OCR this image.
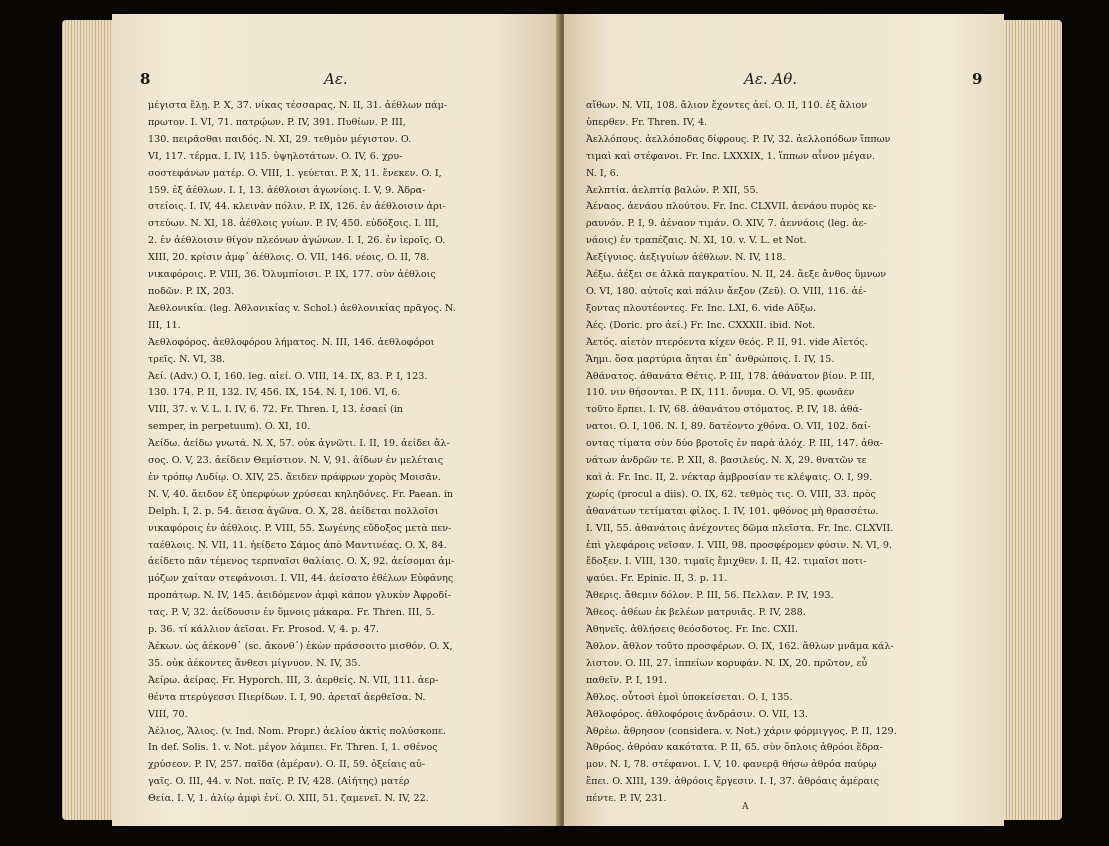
8	Αε.

μέγιστα ἔλῃ. P. X, 37. νίκας τέσσαρας. N. II, 31. ἀέθλων πάμ-

πρωτον. I. VI, 71. πατρῴων. P. IV, 391. Πυθίων. P. III,

130. πειρᾶσθαι παιδός. N. XI, 29. τεθμὸν μέγιστον. O.

VI, 117. τέρμα. I. IV, 115. ὑψηλοτάτων. O. IV, 6. χρυ-

σοστεφάνων ματέρ. O. VIII, 1. γεύεται. P. X, 11. ἕνεκεν. O. I,

159. ἐξ ἀέθλων. I. I, 13. ἀέθλοισι ἀγωνίοις. I. V, 9. Ἀδρα-

στείοις. I. IV, 44. κλεινὰν πόλιν. P. IX, 126. ἐν ἀέθλοισιν ἀρι-

στεύων. N. XI, 18. ἀέθλοις γυίων. P. IV, 450. εὐδόξοις. I. III,

2. ἐν ἀέθλοισιν θίγον πλεόνων ἀγώνων. I. I, 26. ἐν ἱεροῖς. O.

XIII, 20. κρίσιν ἀμφ᾽ ἀέθλοις. O. VII, 146. νέοις. O. II, 78.

νικαφόροις. P. VIII, 36. Ὀλυμπίοισι. P. IX, 177. σὺν ἀέθλοις

ποδῶν. P. IX, 203.

Ἀεθλονικία. (leg. Ἀθλονικίας v. Schol.) ἀεθλονικίας πρᾶγος. N.

III, 11.

Ἀεθλοφόρος. ἀεθλοφόρου λήματος. N. III, 146. ἀεθλοφόροι

τρεῖς. N. VI, 38.

Ἀεί. (Adv.) O. I, 160. leg. αἰεί. O. VIII, 14. IX, 83. P. I, 123.

130. 174. P. II, 132. IV, 456. IX, 154. N. I, 106. VI, 6.

VIII, 37. v. V. L. I. IV, 6. 72. Fr. Thren. I, 13. ἐσαεί (in

semper, in perpetuum). O. XI, 10.

Ἀείδω. ἀείδω γνωτά. N. X, 57. οὐκ ἀγνῶτι. I. II, 19. ἀείδει ἄλ-

σος. O. V, 23. ἀείδειν Θεμίστιον. N. V, 91. ἀίδων ἐν μελέταις

ἐν τρόπῳ Λυδίῳ. O. XIV, 25. ἄειδεν πράφρων χορὸς Μοισᾶν.

N. V, 40. ἄειδον ἐξ ὑπερφύων χρύσεαι κηληδόνες. Fr. Paean. in

Delph. I, 2. p. 54. ἄεισα ἀγῶνα. O. X, 28. ἀείδεται πολλοῖσι

νικαφόροις ἐν ἀέθλοις. P. VIII, 55. Σωγένης εὔδοξος μετὰ πεν-

ταέθλοις. N. VII, 11. ἠείδετο Σάμος ἀπὸ Μαντινέας. O. X, 84.

ἀείδετο πᾶν τέμενος τερπναῖσι θαλίαις. O. X, 92. ἀείσομαι ἀμ-

μόζων χαίταν στεφάνοισι. I. VII, 44. ἀείσατο ἐθέλων Εὐφάνης

προπάτωρ. N. IV, 145. ἀειδόμενον ἀμφὶ κάπον γλυκὺν Ἀφροδί-

τας. P. V, 32. ἀείδουσιν ἐν ὕμνοις μάκαρα. Fr. Thren. III, 5.

p. 36. τί κάλλιον ἀεῖσαι. Fr. Prosod. V, 4. p. 47.

Ἀέκων. ὡς ἀέκονθ᾽ (sc. ἄκονθ᾽) ἑκὼν πράσσοιτο μισθόν. O. X,

35. οὐκ ἀέκοντες ἄνθεσι μίγνυον. N. IV, 35.

Ἀείρω. ἀείρας. Fr. Hyporch. III, 3. ἀερθείς. N. VII, 111. ἀερ-

θέντα πτερύγεσσι Πιερίδων. I. I, 90. ἀρεταῖ ἀερθεῖσα. N.

VIII, 70.

Ἀέλιος, Ἅλιος. (v. Ind. Nom. Propr.) ἀελίου ἀκτὶς πολύσκοπε.

In def. Solis. 1. v. Not. μέγον λάμπει. Fr. Thren. I, 1. σθένος

χρύσεον. P. IV, 257. παῖδα (ἁμέραν). O. II, 59. ὀξείαις αὐ-

γαῖς. O. III, 44. v. Not. παῖς. P. IV, 428. (Αἰήτης) ματέρ

Θεία. I. V, 1. ἁλίῳ ἀμφὶ ἐνί. O. XIII, 51. ζαμενεῖ. N. IV, 22.

Αε. Αθ.	9

αἴθων. N. VII, 108. ἄλιον ἔχοντες ἀεί. O. II, 110. ἐξ ἅλιον

ὑπερθεν. Fr. Thren. IV, 4.

Ἀελλόπους. ἀελλόποδας δίφρους. P. IV, 32. ἀελλοπόδων ἵππων

τιμαὶ καὶ στέφανοι. Fr. Inc. LXXXIX, 1. ἵππων αἶνον μέγαν.

N. I, 6.

Ἀελπτία. ἀελπτίᾳ βαλών. P. XII, 55.

Ἀέναος. ἀενάου πλούτου. Fr. Inc. CLXVII. ἀενάου πυρὸς κε-

ραυνόν. P. I, 9. ἀέναον τιμάν. O. XIV, 7. ἀεννάοις (leg. ἀε-

νάοις) ἐν τραπέζαις. N. XI, 10. v. V. L. et Not.

Ἀεξίγυιος. ἀεξιγυίων ἀέθλων. N. IV, 118.

Ἀέξω. ἀέξει σε ἀλκὰ παγκρατίου. N. II, 24. ἄεξε ἄνθος ὕμνων

O. VI, 180. αὐτοῖς καὶ πάλιν ἄεξον (Ζεῦ). O. VIII, 116. ἀέ-

ξοντας πλουτέοντες. Fr. Inc. LXI, 6. vide Αὔξω.

Ἀές. (Doric. pro ἀεί.) Fr. Inc. CXXXII. ibid. Not.

Ἀετός. αἰετὸν πτερόεντα κίχεν θεός. P. II, 91. vide Αἰετός.

Ἄημι. ὅσα μαρτύρια ἄηται ἐπ᾽ ἀνθρώποις. I. IV, 15.

Ἀθάνατος. ἀθανάτα Θέτις. P. III, 178. ἀθάνατον βίον. P. III,

110. νιν θήσονται. P. IX, 111. ὄνυμα. O. VI, 95. φωνᾶεν

τοῦτο ἕρπει. I. IV, 68. ἀθανάτου στόματος. P. IV, 18. ἀθά-

νατοι. O. I, 106. N. I, 89. δατέοντο χθόνα. O. VII, 102. δαί-

οντας τίματα σὺν δύο βροτοῖς ἐν παρὰ ἁλόχ. P. III, 147. ἀθα-

νάτων ἀνδρῶν τε. P. XII, 8. βασιλεύς. N. X, 29. θνατῶν τε

καὶ ἀ. Fr. Inc. II, 2. νέκταρ ἀμβροσίαν τε κλέψαις. O. I, 99.

χωρίς (procul a diis). O. IX, 62. τεθμὸς τις. O. VIII, 33. πρὸς

ἀθανάτων τετίμαται φίλος. I. IV, 101. φθόνος μὴ θρασσέτω.

I. VII, 55. ἀθανάτοις ἀνέχοντες δῶμα πλεῖστα. Fr. Inc. CLXVII.

ἐπὶ γλεφάροις νεῖσαν. I. VIII, 98. προσφέρομεν φύσιν. N. VI, 9.

ἔδοξεν. I. VIII, 130. τιμαῖς ἔμιχθεν. I. II, 42. τιμαῖσι ποτι-

ψαύει. Fr. Epinic. II, 3. p. 11.

Ἄθερις. ἄθεμιν δόλον. P. III, 56. Πελλαν. P. IV, 193.

Ἄθεος. ἀθέων ἐκ βελέων ματρυιᾶς. P. IV, 288.

Ἀθηνεῖς. ἀθλήσεις θεόσδοτος. Fr. Inc. CXII.

Ἄθλον. ἄθλον τοῦτο προσφέρων. O. IX, 162. ἄθλων μνᾶμα κάλ-

λιστον. O. III, 27. ἱππείων κορυφάν. N. IX, 20. πρῶτον, εὖ

παθεῖν. P. I, 191.

Ἀθλος. οὗτοσὶ ἐμοὶ ὑποκείσεται. O. I, 135.

Ἀθλοφόρος. ἀθλοφόροις ἀνδράσιν. O. VII, 13.

Ἀθρέω. ἄθρησον (considera. v. Not.) χάριν φόρμιγγος. P. II, 129.

Ἀθρόος. ἀθρόαν κακότατα. P. II, 65. σὺν ὅπλοις ἀθρόοι ἕδρα-

μον. N. I, 78. στέφανοι. I. V, 10. φανερᾷ θήσω ἀθρόα παύρῳ

ἔπει. O. XIII, 139. ἀθρόοις ἔργεσιν. I. I, 37. ἀθρόαις ἁμέραις

πέντε. P. IV, 231.

A
